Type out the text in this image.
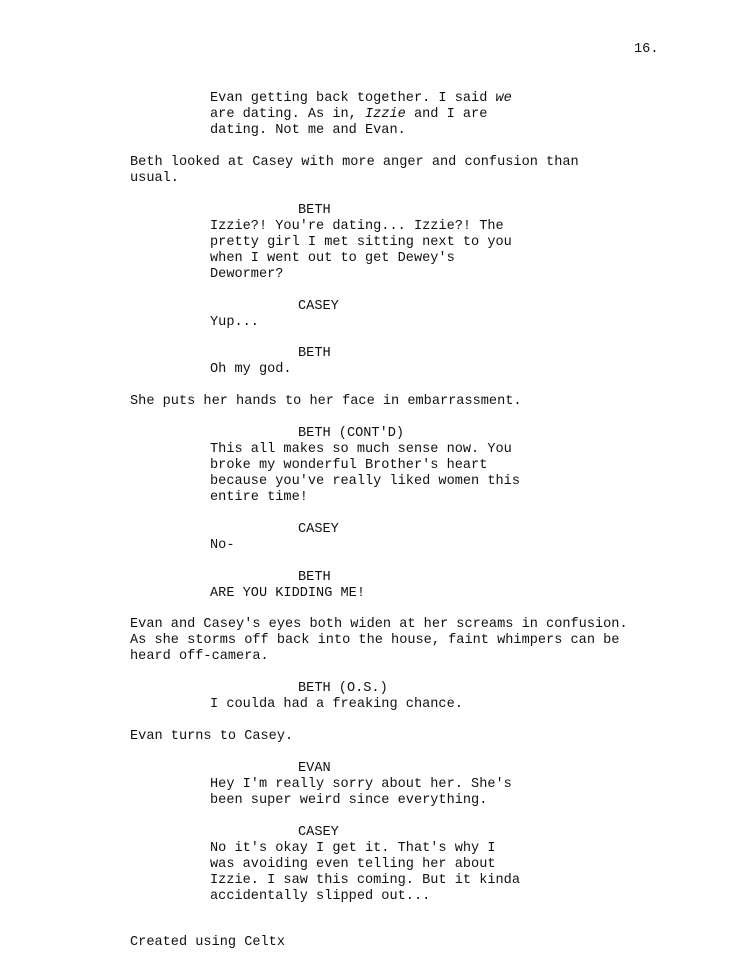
16.
Evan getting back together. I said we
are dating. As in, Izzie and I are
dating. Not me and Evan.
Beth looked at Casey with more anger and confusion than
usual.
BETH
Izzie?! You're dating... Izzie?! The
pretty girl I met sitting next to you
when I went out to get Dewey's
Dewormer?
CASEY
Yup...
BETH
Oh my god.
She puts her hands to her face in embarrassment.
BETH (CONT'D)
This all makes so much sense now. You
broke my wonderful Brother's heart
because you've really liked women this
entire time!
CASEY
No-
BETH
ARE YOU KIDDING ME!
Evan and Casey's eyes both widen at her screams in confusion.
As she storms off back into the house, faint whimpers can be
heard off-camera.
BETH (O.S.)
I coulda had a freaking chance.
Evan turns to Casey.
EVAN
Hey I'm really sorry about her. She's
been super weird since everything.
CASEY
No it's okay I get it. That's why I
was avoiding even telling her about
Izzie. I saw this coming. But it kinda
accidentally slipped out...
Created using Celtx
